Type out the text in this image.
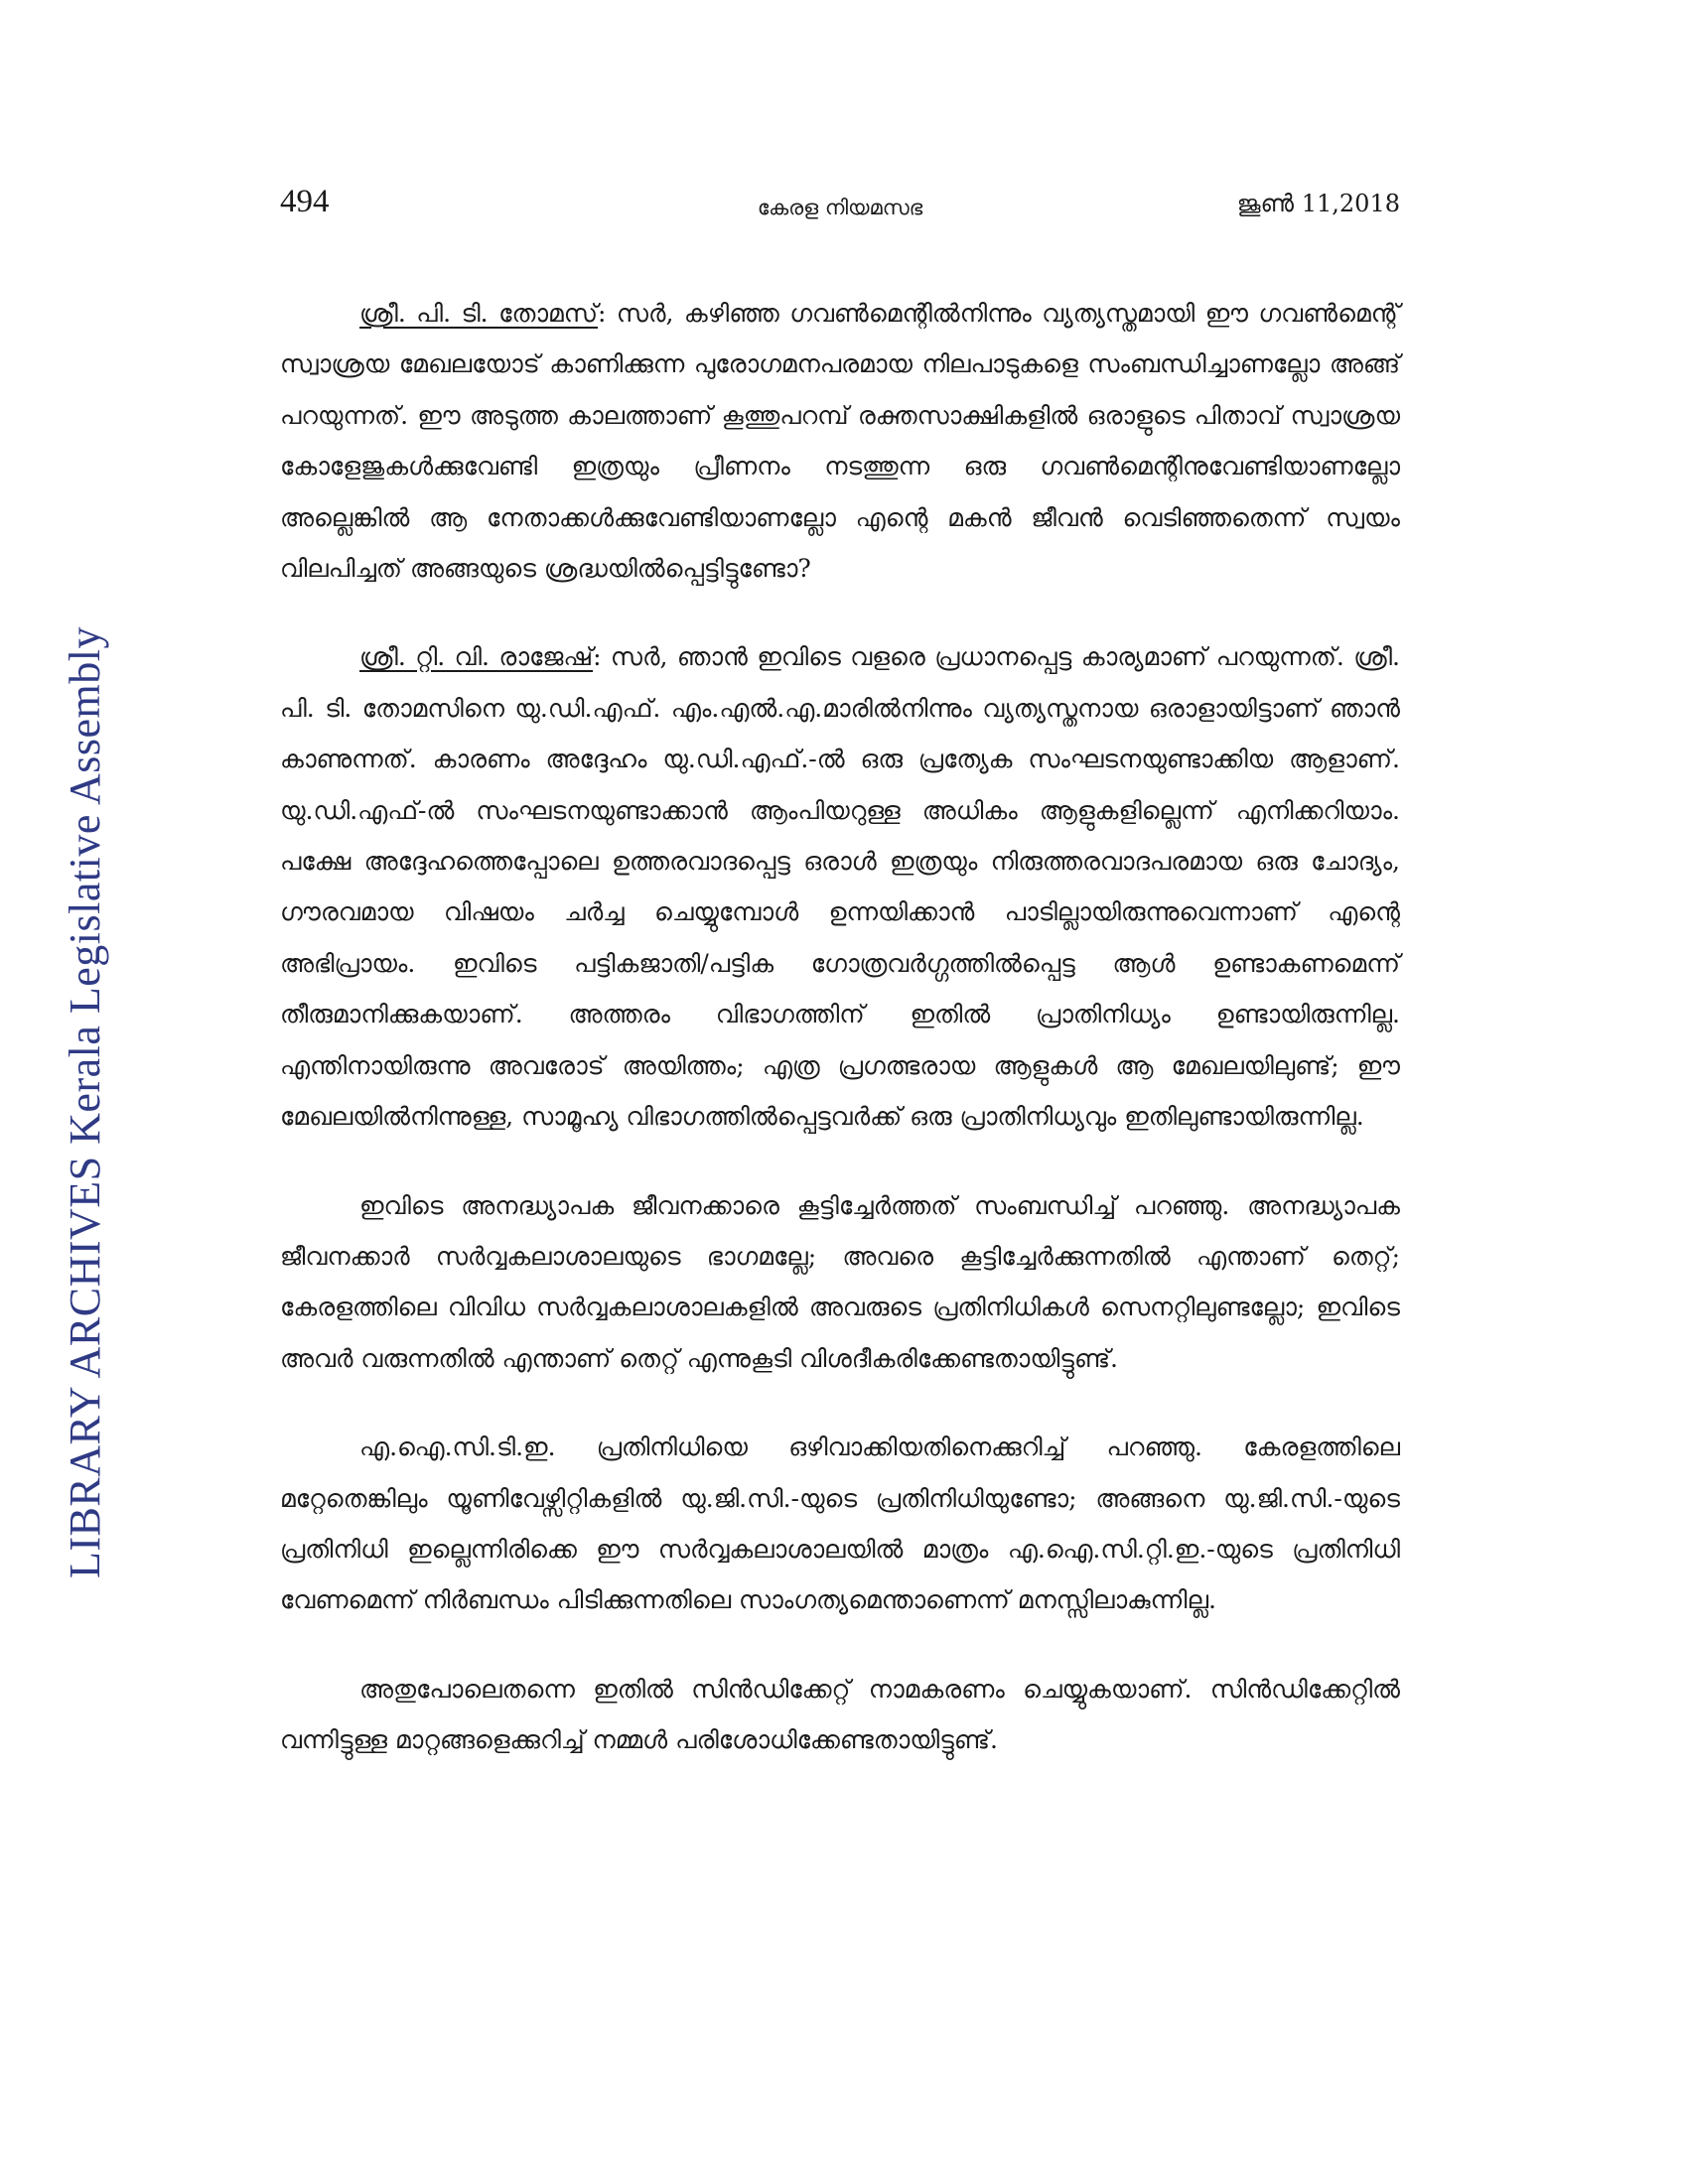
LIBRARY ARCHIVES Kerala Legislative Assembly
494	കേരള നിയമസഭ	ജൂൺ 11,2018

ശ്രീ. പി. ടി. തോമസ്: സർ, കഴിഞ്ഞ ഗവൺമെന്റിൽനിന്നും വ്യത്യസ്തമായി ഈ ഗവൺമെന്റ് സ്വാശ്രയ മേഖലയോട് കാണിക്കുന്ന പുരോഗമനപരമായ നിലപാടുകളെ സംബന്ധിച്ചാണല്ലോ അങ്ങ് പറയുന്നത്. ഈ അടുത്ത കാലത്താണ് കൂത്തുപറമ്പ് രക്തസാക്ഷികളിൽ ഒരാളുടെ പിതാവ് സ്വാശ്രയ കോളേജുകൾക്കുവേണ്ടി ഇത്രയും പ്രീണനം നടത്തുന്ന ഒരു ഗവൺമെന്റിനുവേണ്ടിയാണല്ലോ അല്ലെങ്കിൽ ആ നേതാക്കൾക്കുവേണ്ടിയാണല്ലോ എന്റെ മകൻ ജീവൻ വെടിഞ്ഞതെന്ന് സ്വയം വിലപിച്ചത് അങ്ങയുടെ ശ്രദ്ധയിൽപ്പെട്ടിട്ടുണ്ടോ?

ശ്രീ. റ്റി. വി. രാജേഷ്: സർ, ഞാൻ ഇവിടെ വളരെ പ്രധാനപ്പെട്ട കാര്യമാണ് പറയുന്നത്. ശ്രീ. പി. ടി. തോമസിനെ യു.ഡി.എഫ്. എം.എൽ.എ.മാരിൽനിന്നും വ്യത്യസ്തനായ ഒരാളായിട്ടാണ് ഞാൻ കാണുന്നത്. കാരണം അദ്ദേഹം യു.ഡി.എഫ്.-ൽ ഒരു പ്രത്യേക സംഘടനയുണ്ടാക്കിയ ആളാണ്. യു.ഡി.എഫ്-ൽ സംഘടനയുണ്ടാക്കാൻ ആംപിയറുള്ള അധികം ആളുകളില്ലെന്ന് എനിക്കറിയാം. പക്ഷേ അദ്ദേഹത്തെപ്പോലെ ഉത്തരവാദപ്പെട്ട ഒരാൾ ഇത്രയും നിരുത്തരവാദപരമായ ഒരു ചോദ്യം, ഗൗരവമായ വിഷയം ചർച്ച ചെയ്യുമ്പോൾ ഉന്നയിക്കാൻ പാടില്ലായിരുന്നുവെന്നാണ് എന്റെ അഭിപ്രായം. ഇവിടെ പട്ടികജാതി/പട്ടിക ഗോത്രവർഗ്ഗത്തിൽപ്പെട്ട ആൾ ഉണ്ടാകണമെന്ന് തീരുമാനിക്കുകയാണ്. അത്തരം വിഭാഗത്തിന് ഇതിൽ പ്രാതിനിധ്യം ഉണ്ടായിരുന്നില്ല. എന്തിനായിരുന്നു അവരോട് അയിത്തം; എത്ര പ്രഗത്ഭരായ ആളുകൾ ആ മേഖലയിലുണ്ട്; ഈ മേഖലയിൽനിന്നുള്ള, സാമൂഹ്യ വിഭാഗത്തിൽപ്പെട്ടവർക്ക് ഒരു പ്രാതിനിധ്യവും ഇതിലുണ്ടായിരുന്നില്ല.

ഇവിടെ അനദ്ധ്യാപക ജീവനക്കാരെ കൂട്ടിച്ചേർത്തത് സംബന്ധിച്ച് പറഞ്ഞു. അനദ്ധ്യാപക ജീവനക്കാർ സർവ്വകലാശാലയുടെ ഭാഗമല്ലേ; അവരെ കൂട്ടിച്ചേർക്കുന്നതിൽ എന്താണ് തെറ്റ്; കേരളത്തിലെ വിവിധ സർവ്വകലാശാലകളിൽ അവരുടെ പ്രതിനിധികൾ സെനറ്റിലുണ്ടല്ലോ; ഇവിടെ അവർ വരുന്നതിൽ എന്താണ് തെറ്റ് എന്നുകൂടി വിശദീകരിക്കേണ്ടതായിട്ടുണ്ട്.

എ.ഐ.സി.ടി.ഇ. പ്രതിനിധിയെ ഒഴിവാക്കിയതിനെക്കുറിച്ച് പറഞ്ഞു. കേരളത്തിലെ മറ്റേതെങ്കിലും യൂണിവേഴ്സിറ്റികളിൽ യു.ജി.സി.-യുടെ പ്രതിനിധിയുണ്ടോ; അങ്ങനെ യു.ജി.സി.-യുടെ പ്രതിനിധി ഇല്ലെന്നിരിക്കെ ഈ സർവ്വകലാശാലയിൽ മാത്രം എ.ഐ.സി.റ്റി.ഇ.-യുടെ പ്രതിനിധി വേണമെന്ന് നിർബന്ധം പിടിക്കുന്നതിലെ സാംഗത്യമെന്താണെന്ന് മനസ്സിലാകുന്നില്ല.

അതുപോലെതന്നെ ഇതിൽ സിൻഡിക്കേറ്റ് നാമകരണം ചെയ്യുകയാണ്. സിൻഡിക്കേറ്റിൽ വന്നിട്ടുള്ള മാറ്റങ്ങളെക്കുറിച്ച് നമ്മൾ പരിശോധിക്കേണ്ടതായിട്ടുണ്ട്.
